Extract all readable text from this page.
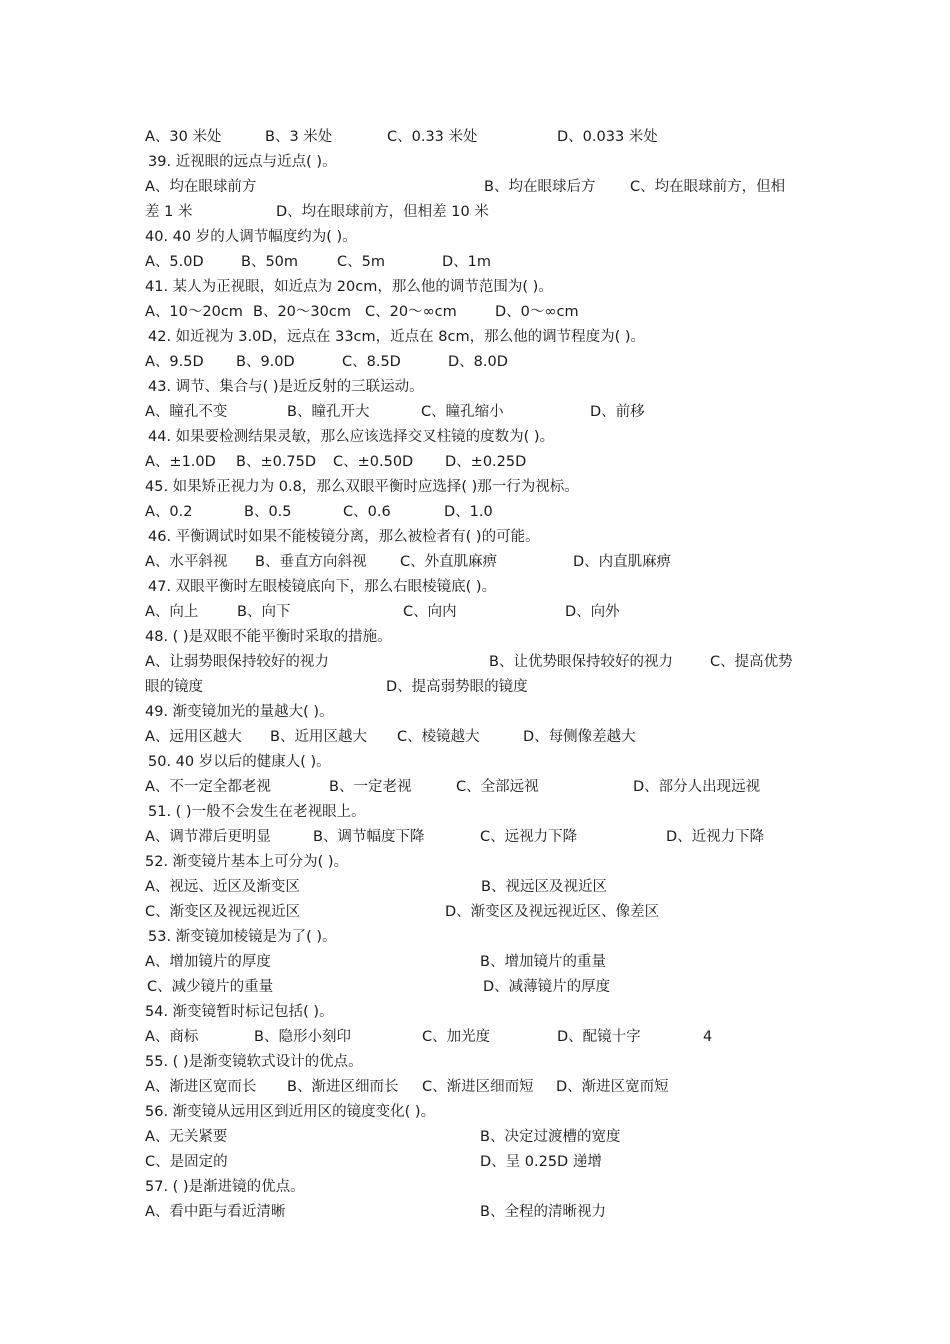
A、30 米处	B、3 米处	C、0.33 米处	D、0.033 米处
39. 近视眼的远点与近点( )。
A、均在眼球前方	B、均在眼球后方 C、均在眼球前方，但相
差 1 米	D、均在眼球前方，但相差 10 米
40. 40 岁的人调节幅度约为( )。
A、5.0D	B、50m	C、5m	D、1m
41. 某人为正视眼，如近点为 20cm，那么他的调节范围为( )。
A、10～20cm B、20～30cm C、20～∞cm	D、0～∞cm
42. 如近视为 3.0D，远点在 33cm，近点在 8cm，那么他的调节程度为( )。
A、9.5D B、9.0D	C、8.5D	D、8.0D
43. 调节、集合与( )是近反射的三联运动。
A、瞳孔不变	B、瞳孔开大	C、瞳孔缩小	D、前移
44. 如果要检测结果灵敏，那么应该选择交叉柱镜的度数为( )。
A、±1.0D B、±0.75D C、±0.50D D、±0.25D
45. 如果矫正视力为 0.8，那么双眼平衡时应选择( )那一行为视标。
A、0.2	B、0.5	C、0.6	D、1.0
46. 平衡调试时如果不能棱镜分离，那么被检者有( )的可能。
A、水平斜视 B、垂直方向斜视 C、外直肌麻痹	D、内直肌麻痹
47. 双眼平衡时左眼棱镜底向下，那么右眼棱镜底( )。
A、向上	B、向下	C、向内	D、向外
48. ( )是双眼不能平衡时采取的措施。
A、让弱势眼保持较好的视力	B、让优势眼保持较好的视力	C、提高优势
眼的镜度	D、提高弱势眼的镜度
49. 渐变镜加光的量越大( )。
A、远用区越大 B、近用区越大 C、棱镜越大	D、每侧像差越大
50. 40 岁以后的健康人( )。
A、不一定全都老视	B、一定老视	C、全部远视	D、部分人出现远视
51. ( )一般不会发生在老视眼上。
A、调节滞后更明显	B、调节幅度下降	C、远视力下降	D、近视力下降
52. 渐变镜片基本上可分为( )。
A、视远、近区及渐变区	B、视远区及视近区
C、渐变区及视远视近区	D、渐变区及视远视近区、像差区
53. 渐变镜加棱镜是为了( )。
A、增加镜片的厚度	B、增加镜片的重量
C、减少镜片的重量	D、减薄镜片的厚度
54. 渐变镜暂时标记包括( )。
A、商标	B、隐形小刻印	C、加光度	D、配镜十字	4
55. ( )是渐变镜软式设计的优点。
A、渐进区宽而长 B、渐进区细而长 C、渐进区细而短 D、渐进区宽而短
56. 渐变镜从远用区到近用区的镜度变化( )。
A、无关紧要	B、决定过渡槽的宽度
C、是固定的	D、呈 0.25D 递增
57. ( )是渐进镜的优点。
A、看中距与看近清晰	B、全程的清晰视力
